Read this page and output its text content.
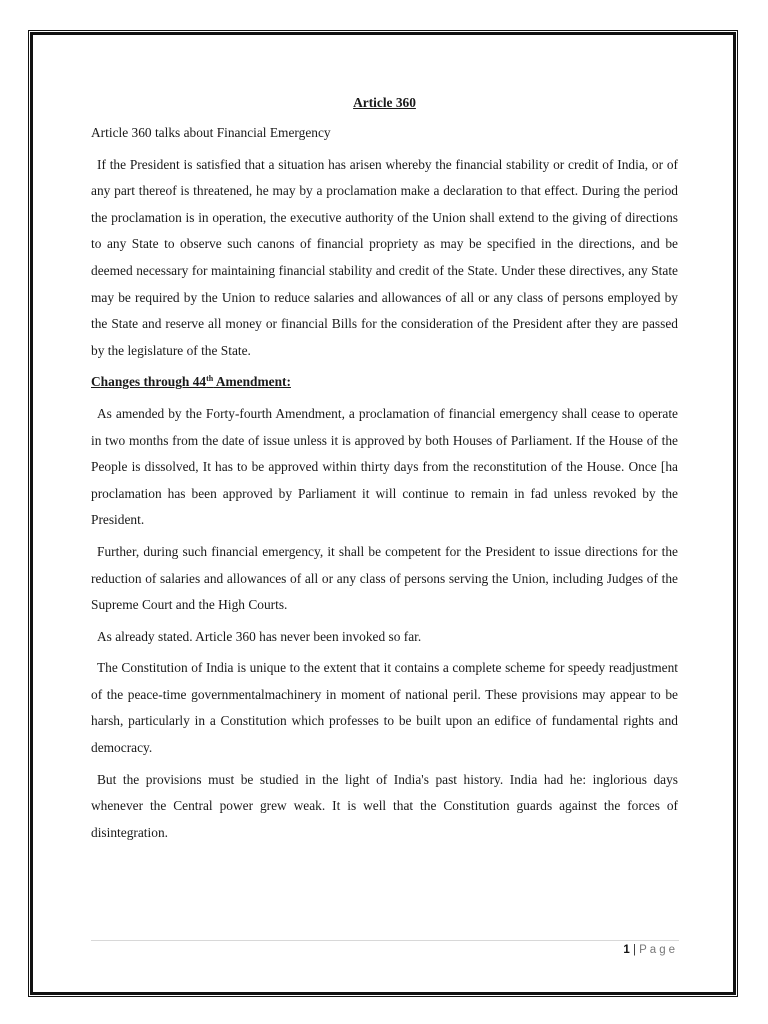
Article 360

Article 360 talks about Financial Emergency

If the President is satisfied that a situation has arisen whereby the financial stability or credit of India, or of any part thereof is threatened, he may by a proclamation make a declaration to that effect. During the period the proclamation is in operation, the executive authority of the Union shall extend to the giving of directions to any State to observe such canons of financial propriety as may be specified in the directions, and be deemed necessary for maintaining financial stability and credit of the State. Under these directives, any State may be required by the Union to reduce salaries and allowances of all or any class of persons employed by the State and reserve all money or financial Bills for the consideration of the President after they are passed by the legislature of the State.

Changes through 44th Amendment:

As amended by the Forty-fourth Amendment, a proclamation of financial emergency shall cease to operate in two months from the date of issue unless it is approved by both Houses of Parliament. If the House of the People is dissolved, It has to be approved within thirty days from the reconstitution of the House. Once [ha proclamation has been approved by Parliament it will continue to remain in fad unless revoked by the President.

Further, during such financial emergency, it shall be competent for the President to issue directions for the reduction of salaries and allowances of all or any class of persons serving the Union, including Judges of the Supreme Court and the High Courts.

As already stated. Article 360 has never been invoked so far.

The Constitution of India is unique to the extent that it contains a complete scheme for speedy readjustment of the peace-time governmentalmachinery in moment of national peril. These provisions may appear to be harsh, particularly in a Constitution which professes to be built upon an edifice of fundamental rights and democracy.

But the provisions must be studied in the light of India's past history. India had he: inglorious days whenever the Central power grew weak. It is well that the Constitution guards against the forces of disintegration.

1 | Page
